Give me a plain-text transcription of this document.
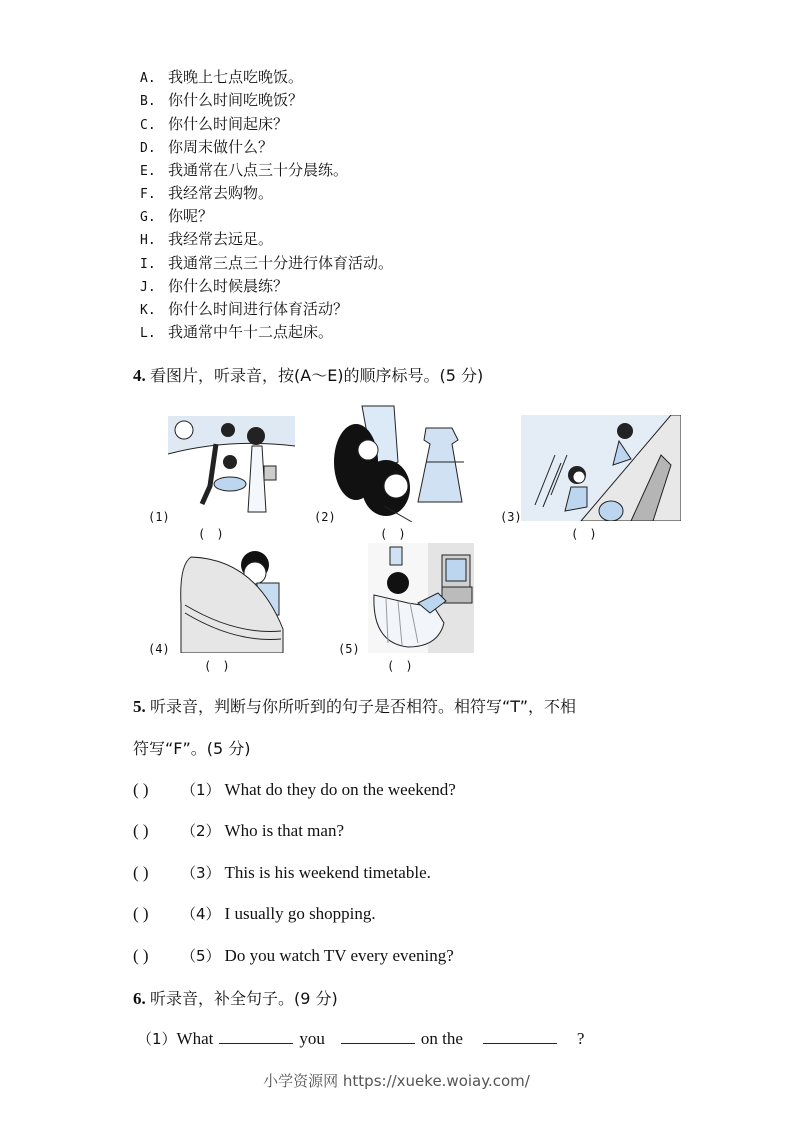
A. 我晚上七点吃晚饭。
B. 你什么时间吃晚饭？
C. 你什么时间起床？
D. 你周末做什么？
E. 我通常在八点三十分晨练。
F. 我经常去购物。
G. 你呢？
H. 我经常去远足。
I. 我通常三点三十分进行体育活动。
J. 你什么时候晨练？
K. 你什么时间进行体育活动？
L. 我通常中午十二点起床。
4. 看图片，听录音，按(A～E)的顺序标号。(5 分)
(1)
( )
(2)
( )
(3)
( )
(4)
( )
(5)
( )
5. 听录音，判断与你所听到的句子是否相符。相符写“T”，不相
符写“F”。(5 分)
( ) （1） What do they do on the weekend?
( ) （2） Who is that man?
( ) （3） This is his weekend timetable.
( ) （4） I usually go shopping.
( ) （5） Do you watch TV every evening?
6. 听录音，补全句子。(9 分)
（1）What	you	on the	?
小学资源网 https://xueke.woiay.com/
